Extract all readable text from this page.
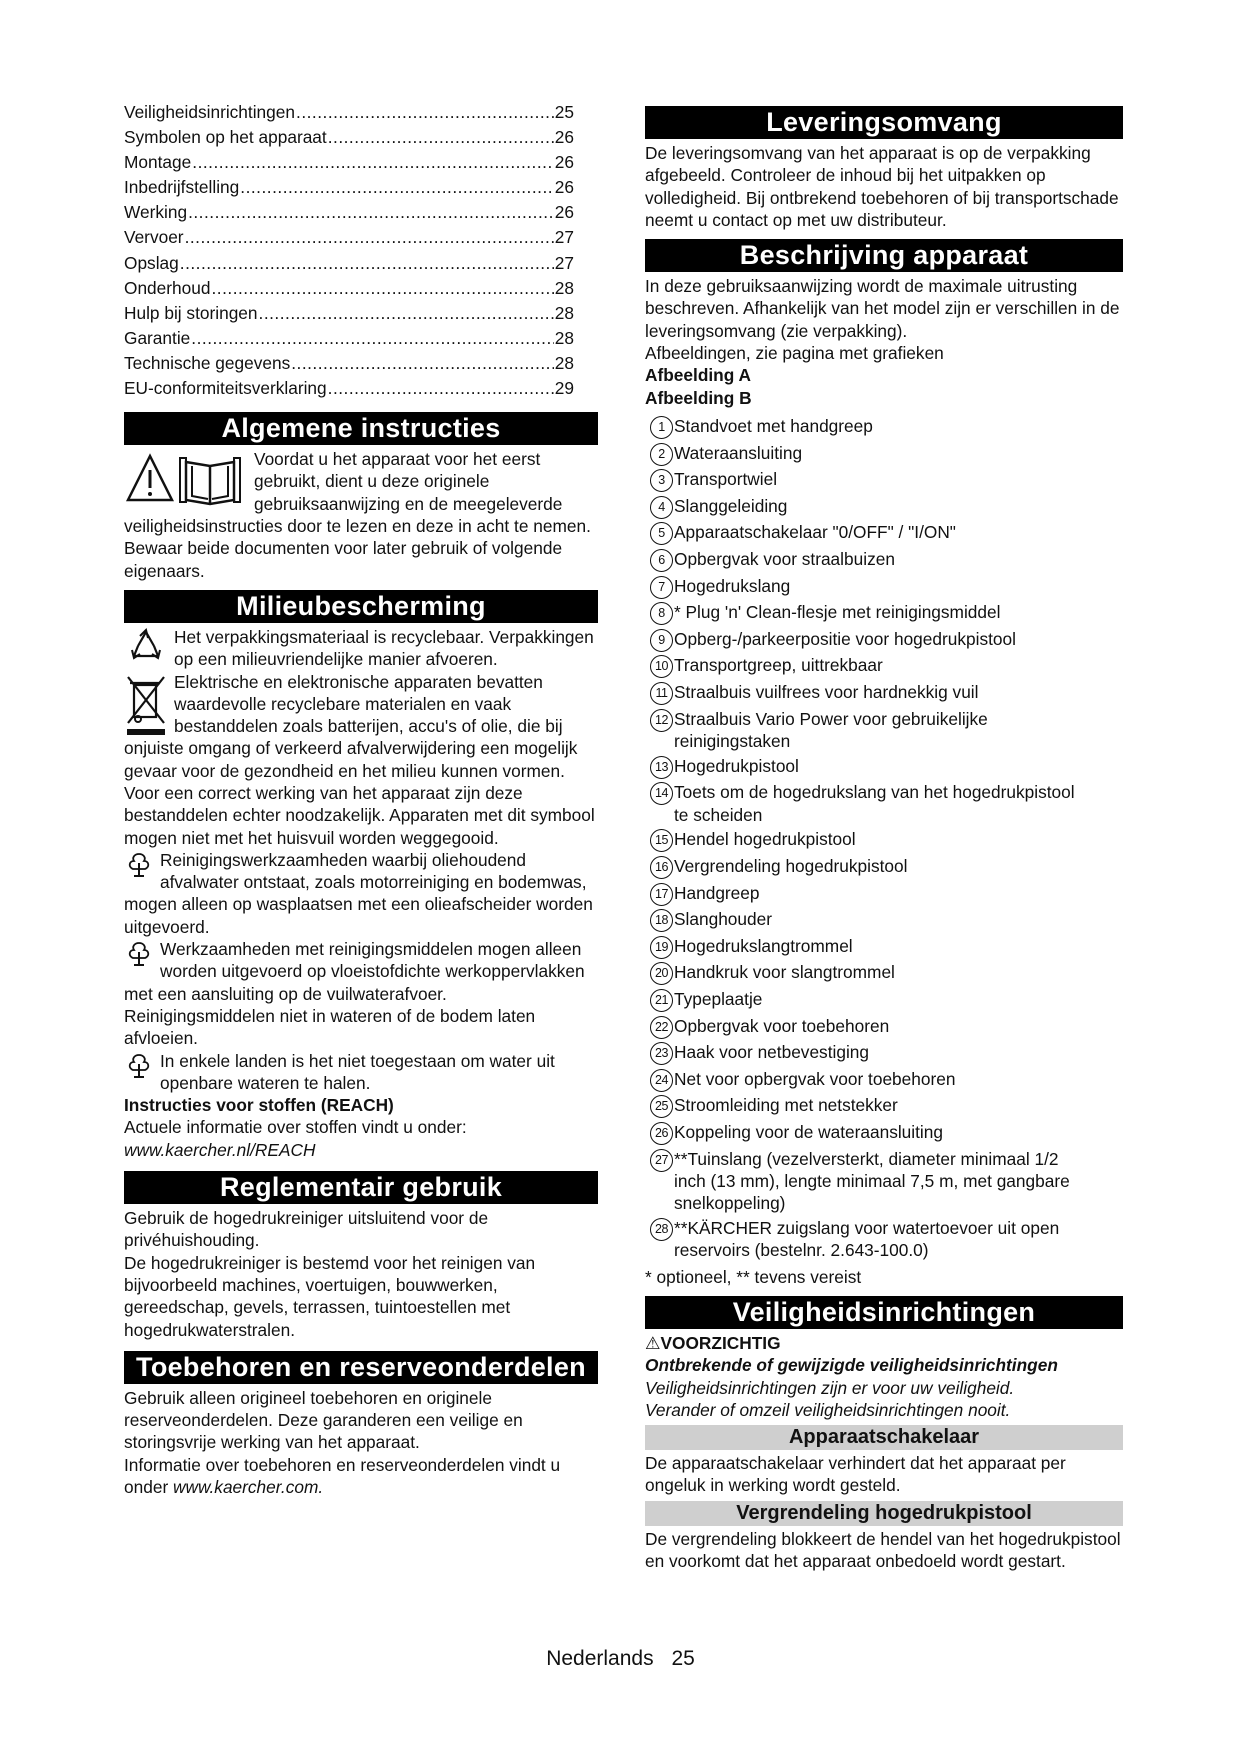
Veiligheidsinrichtingen .....	25
Symbolen op het apparaat .....	26
Montage .....	26
Inbedrijfstelling .....	26
Werking .....	26
Vervoer .....	27
Opslag .....	27
Onderhoud .....	28
Hulp bij storingen .....	28
Garantie .....	28
Technische gegevens .....	28
EU-conformiteitsverklaring .....	29
Algemene instructies

Voordat u het apparaat voor het eerst gebruikt, dient u deze originele gebruiksaanwijzing en de meegeleverde veiligheidsinstructies door te lezen en deze in acht te nemen.

Bewaar beide documenten voor later gebruik of volgende eigenaars.

Milieubescherming

Het verpakkingsmateriaal is recyclebaar. Verpakkingen op een milieuvriendelijke manier afvoeren.

Elektrische en elektronische apparaten bevatten waardevolle recyclebare materialen en vaak bestanddelen zoals batterijen, accu's of olie, die bij onjuiste omgang of verkeerd afvalverwijdering een mogelijk gevaar voor de gezondheid en het milieu kunnen vormen. Voor een correct werking van het apparaat zijn deze bestanddelen echter noodzakelijk. Apparaten met dit symbool mogen niet met het huisvuil worden weggegooid.

Reinigingswerkzaamheden waarbij oliehoudend afvalwater ontstaat, zoals motorreiniging en bodemwas, mogen alleen op wasplaatsen met een olieafscheider worden uitgevoerd.

Werkzaamheden met reinigingsmiddelen mogen alleen worden uitgevoerd op vloeistofdichte werkoppervlakken met een aansluiting op de vuilwaterafvoer. Reinigingsmiddelen niet in wateren of de bodem laten afvloeien.

In enkele landen is het niet toegestaan om water uit openbare wateren te halen.

Instructies voor stoffen (REACH)

Actuele informatie over stoffen vindt u onder: www.kaercher.nl/REACH

Reglementair gebruik

Gebruik de hogedrukreiniger uitsluitend voor de privéhuishouding.

De hogedrukreiniger is bestemd voor het reinigen van bijvoorbeeld machines, voertuigen, bouwwerken, gereedschap, gevels, terrassen, tuintoestellen met hogedrukwaterstralen.

Toebehoren en reserveonderdelen

Gebruik alleen origineel toebehoren en originele reserveonderdelen. Deze garanderen een veilige en storingsvrije werking van het apparaat.

Informatie over toebehoren en reserveonderdelen vindt u onder www.kaercher.com.

Leveringsomvang

De leveringsomvang van het apparaat is op de verpakking afgebeeld. Controleer de inhoud bij het uitpakken op volledigheid. Bij ontbrekend toebehoren of bij transportschade neemt u contact op met uw distributeur.

Beschrijving apparaat

In deze gebruiksaanwijzing wordt de maximale uitrusting beschreven. Afhankelijk van het model zijn er verschillen in de leveringsomvang (zie verpakking).

Afbeeldingen, zie pagina met grafieken

Afbeelding A

Afbeelding B

1 Standvoet met handgreep
2 Wateraansluiting
3 Transportwiel
4 Slanggeleiding
5 Apparaatschakelaar "0/OFF" / "I/ON"
6 Opbergvak voor straalbuizen
7 Hogedrukslang
8 * Plug 'n' Clean-flesje met reinigingsmiddel
9 Opberg-/parkeerpositie voor hogedrukpistool
10 Transportgreep, uittrekbaar
11 Straalbuis vuilfrees voor hardnekkig vuil
12 Straalbuis Vario Power voor gebruikelijke reinigingstaken
13 Hogedrukpistool
14 Toets om de hogedrukslang van het hogedrukpistool te scheiden
15 Hendel hogedrukpistool
16 Vergrendeling hogedrukpistool
17 Handgreep
18 Slanghouder
19 Hogedrukslangtrommel
20 Handkruk voor slangtrommel
21 Typeplaatje
22 Opbergvak voor toebehoren
23 Haak voor netbevestiging
24 Net voor opbergvak voor toebehoren
25 Stroomleiding met netstekker
26 Koppeling voor de wateraansluiting
27 **Tuinslang (vezelversterkt, diameter minimaal 1/2 inch (13 mm), lengte minimaal 7,5 m, met gangbare snelkoppeling)
28 **KÄRCHER zuigslang voor watertoevoer uit open reservoirs (bestelnr. 2.643-100.0)

* optioneel, ** tevens vereist

Veiligheidsinrichtingen

⚠VOORZICHTIG

Ontbrekende of gewijzigde veiligheidsinrichtingen

Veiligheidsinrichtingen zijn er voor uw veiligheid.

Verander of omzeil veiligheidsinrichtingen nooit.

Apparaatschakelaar

De apparaatschakelaar verhindert dat het apparaat per ongeluk in werking wordt gesteld.

Vergrendeling hogedrukpistool

De vergrendeling blokkeert de hendel van het hogedrukpistool en voorkomt dat het apparaat onbedoeld wordt gestart.

Nederlands 25
